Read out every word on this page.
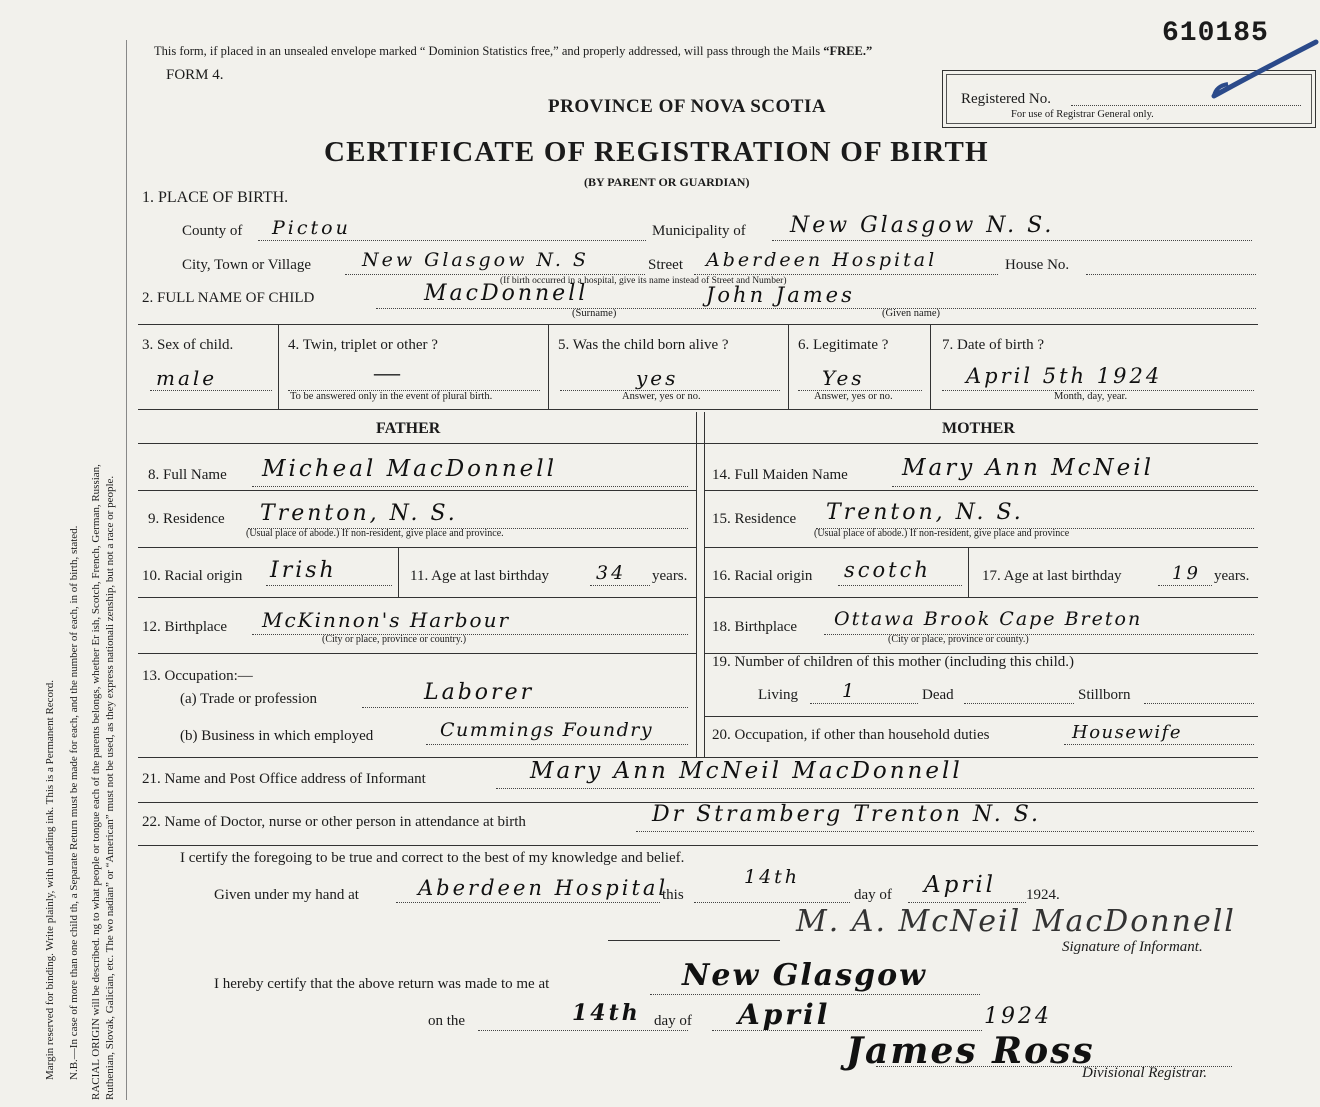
Margin reserved for binding. Write plainly, with unfading ink. This is a Permanent Record. N.B.—In case of more than one child th, a Separate Return must be made for each, and the number of each, in of birth, stated. RACIAL ORIGIN will be described. ng to what people or tongue each of the parents belongs, whether Er ish, Scotch, French, German, Russian, Ruthenian, Slovak, Galician, etc. The wo nadian” or “American” must not be used, as they express nationali zenship, but not a race or people.
This form, if placed in an unsealed envelope marked “ Dominion Statistics free,” and properly addressed, will pass through the Mails “FREE.”
610185
FORM 4.
PROVINCE OF NOVA SCOTIA
CERTIFICATE OF REGISTRATION OF BIRTH
(BY PARENT OR GUARDIAN)
Registered No.
For use of Registrar General only.
1. PLACE OF BIRTH.
County of Pictou	Municipality of New Glasgow N. S.
City, Town or Village	New Glasgow N. S	Street Aberdeen Hospital	House No.
(If birth occurred in a hospital, give its name instead of Street and Number)
2. FULL NAME OF CHILD	MacDonnell	John James
(Surname)	(Given name)
3. Sex of child.
male
4. Twin, triplet or other ?
—
To be answered only in the event of plural birth.
5. Was the child born alive ?
yes
Answer, yes or no.
6. Legitimate ?
Yes
Answer, yes or no.
7. Date of birth ?
April 5th 1924
Month, day, year.
FATHER	MOTHER
8. Full Name Micheal MacDonnell
9. Residence Trenton, N. S.
(Usual place of abode.) If non-resident, give place and province.
10. Racial origin Irish	11. Age at last birthday 34 years.
12. Birthplace McKinnon's Harbour
(City or place, province or country.)
13. Occupation:—
(a) Trade or profession	Laborer
(b) Business in which employed	Cummings Foundry
14. Full Maiden Name Mary Ann McNeil
15. Residence Trenton, N. S.
(Usual place of abode.) If non-resident, give place and province
16. Racial origin scotch	17. Age at last birthday	19 years.
18. Birthplace Ottawa Brook Cape Breton
(City or place, province or county.)
19. Number of children of this mother (including this child.)
Living 1	Dead	Stillborn
20. Occupation, if other than household duties	Housewife
21. Name and Post Office address of Informant	Mary Ann McNeil MacDonnell
22. Name of Doctor, nurse or other person in attendance at birth	Dr Stramberg Trenton N. S.
I certify the foregoing to be true and correct to the best of my knowledge and belief.
Given under my hand at	Aberdeen Hospital
this
14th
day of April 1924.
M. A. McNeil MacDonnell
Signature of Informant.
I hereby certify that the above return was made to me at	New Glasgow
on the	14th day of April	1924
James Ross
Divisional Registrar.
